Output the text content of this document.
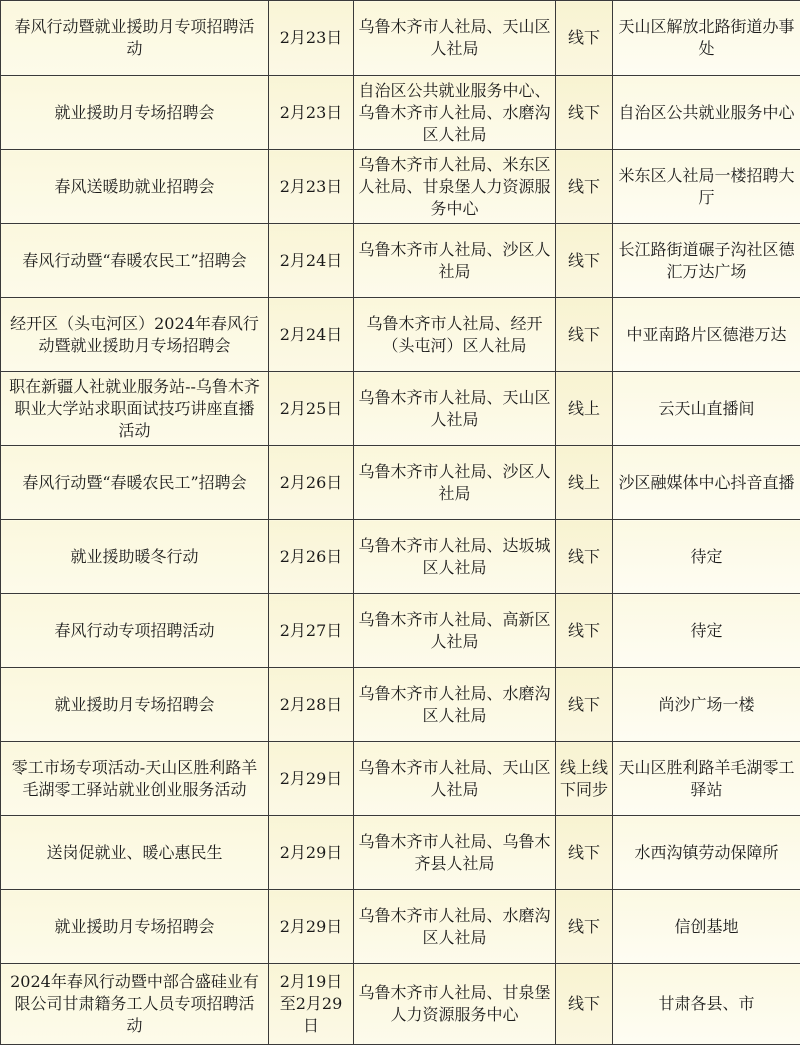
春风行动暨就业援助月专项招聘活动	2月23日	乌鲁木齐市人社局、天山区人社局	线下	天山区解放北路街道办事处
就业援助月专场招聘会	2月23日	自治区公共就业服务中心、乌鲁木齐市人社局、水磨沟区人社局	线下	自治区公共就业服务中心
春风送暖助就业招聘会	2月23日	乌鲁木齐市人社局、米东区人社局、甘泉堡人力资源服务中心	线下	米东区人社局一楼招聘大厅
春风行动暨“春暖农民工”招聘会	2月24日	乌鲁木齐市人社局、沙区人社局	线下	长江路街道碾子沟社区德汇万达广场
经开区（头屯河区）2024年春风行动暨就业援助月专场招聘会	2月24日	乌鲁木齐市人社局、经开（头屯河）区人社局	线下	中亚南路片区德港万达
职在新疆人社就业服务站--乌鲁木齐职业大学站求职面试技巧讲座直播活动	2月25日	乌鲁木齐市人社局、天山区人社局	线上	云天山直播间
春风行动暨“春暖农民工”招聘会	2月26日	乌鲁木齐市人社局、沙区人社局	线上	沙区融媒体中心抖音直播
就业援助暖冬行动	2月26日	乌鲁木齐市人社局、达坂城区人社局	线下	待定
春风行动专项招聘活动	2月27日	乌鲁木齐市人社局、高新区人社局	线下	待定
就业援助月专场招聘会	2月28日	乌鲁木齐市人社局、水磨沟区人社局	线下	尚沙广场一楼
零工市场专项活动-天山区胜利路羊毛湖零工驿站就业创业服务活动	2月29日	乌鲁木齐市人社局、天山区人社局	线上线下同步	天山区胜利路羊毛湖零工驿站
送岗促就业、暖心惠民生	2月29日	乌鲁木齐市人社局、乌鲁木齐县人社局	线下	水西沟镇劳动保障所
就业援助月专场招聘会	2月29日	乌鲁木齐市人社局、水磨沟区人社局	线下	信创基地
2024年春风行动暨中部合盛硅业有限公司甘肃籍务工人员专项招聘活动	2月19日至2月29日	乌鲁木齐市人社局、甘泉堡人力资源服务中心	线下	甘肃各县、市
